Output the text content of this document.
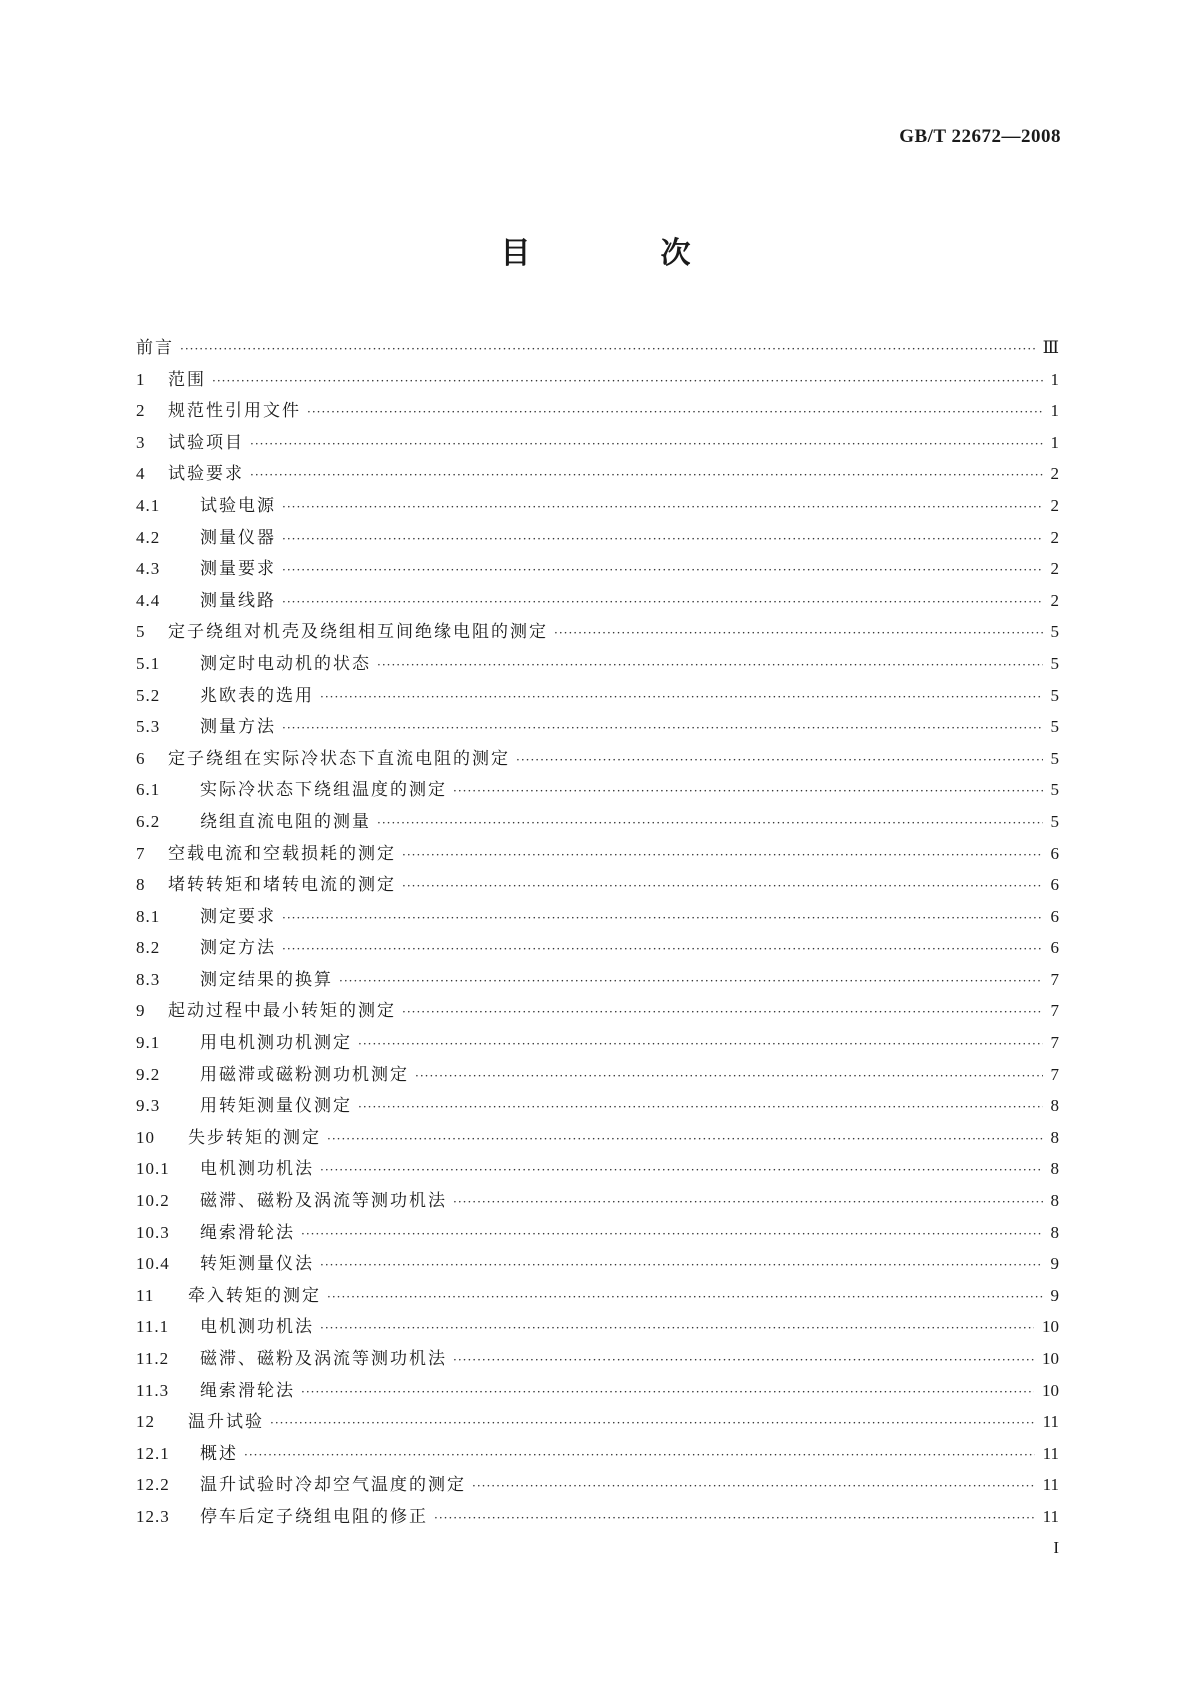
GB/T 22672—2008
目　次
前言 ·····	Ⅲ
1	范围 ·····	1
2	规范性引用文件 ·····	1
3	试验项目 ·····	1
4	试验要求 ·····	2
4.1	试验电源 ·····	2
4.2	测量仪器 ·····	2
4.3	测量要求 ·····	2
4.4	测量线路 ·····	2
5	定子绕组对机壳及绕组相互间绝缘电阻的测定 ·····	5
5.1	测定时电动机的状态 ·····	5
5.2	兆欧表的选用 ·····	5
5.3	测量方法 ·····	5
6	定子绕组在实际冷状态下直流电阻的测定 ·····	5
6.1	实际冷状态下绕组温度的测定 ·····	5
6.2	绕组直流电阻的测量 ·····	5
7	空载电流和空载损耗的测定 ·····	6
8	堵转转矩和堵转电流的测定 ·····	6
8.1	测定要求 ·····	6
8.2	测定方法 ·····	6
8.3	测定结果的换算 ·····	7
9	起动过程中最小转矩的测定 ·····	7
9.1	用电机测功机测定 ·····	7
9.2	用磁滞或磁粉测功机测定 ·····	7
9.3	用转矩测量仪测定 ·····	8
10	失步转矩的测定 ·····	8
10.1	电机测功机法 ·····	8
10.2	磁滞、磁粉及涡流等测功机法 ·····	8
10.3	绳索滑轮法 ·····	8
10.4	转矩测量仪法 ·····	9
11	牵入转矩的测定 ·····	9
11.1	电机测功机法 ·····	10
11.2	磁滞、磁粉及涡流等测功机法 ·····	10
11.3	绳索滑轮法 ·····	10
12	温升试验 ·····	11
12.1	概述 ·····	11
12.2	温升试验时冷却空气温度的测定 ·····	11
12.3	停车后定子绕组电阻的修正 ·····	11
I
